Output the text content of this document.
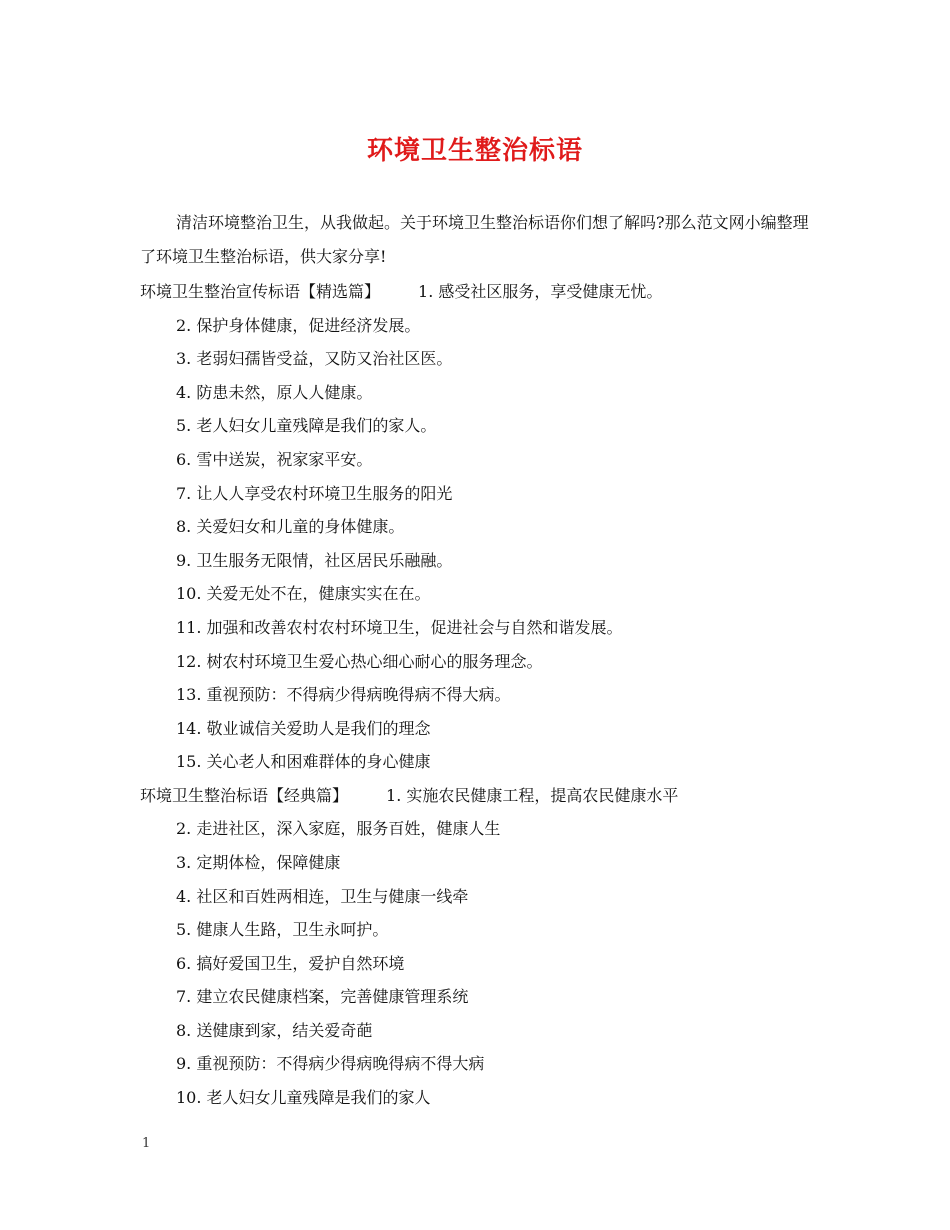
环境卫生整治标语
清洁环境整治卫生，从我做起。关于环境卫生整治标语你们想了解吗?那么范文网小编整理了环境卫生整治标语，供大家分享!
环境卫生整治宣传标语【精选篇】 1. 感受社区服务，享受健康无忧。
2. 保护身体健康，促进经济发展。
3. 老弱妇孺皆受益，又防又治社区医。
4. 防患未然，原人人健康。
5. 老人妇女儿童残障是我们的家人。
6. 雪中送炭，祝家家平安。
7. 让人人享受农村环境卫生服务的阳光
8. 关爱妇女和儿童的身体健康。
9. 卫生服务无限情，社区居民乐融融。
10. 关爱无处不在，健康实实在在。
11. 加强和改善农村农村环境卫生，促进社会与自然和谐发展。
12. 树农村环境卫生爱心热心细心耐心的服务理念。
13. 重视预防：不得病少得病晚得病不得大病。
14. 敬业诚信关爱助人是我们的理念
15. 关心老人和困难群体的身心健康
环境卫生整治标语【经典篇】 1. 实施农民健康工程，提高农民健康水平
2. 走进社区，深入家庭，服务百姓，健康人生
3. 定期体检，保障健康
4. 社区和百姓两相连，卫生与健康一线牵
5. 健康人生路，卫生永呵护。
6. 搞好爱国卫生，爱护自然环境
7. 建立农民健康档案，完善健康管理系统
8. 送健康到家，结关爱奇葩
9. 重视预防：不得病少得病晚得病不得大病
10. 老人妇女儿童残障是我们的家人
1
